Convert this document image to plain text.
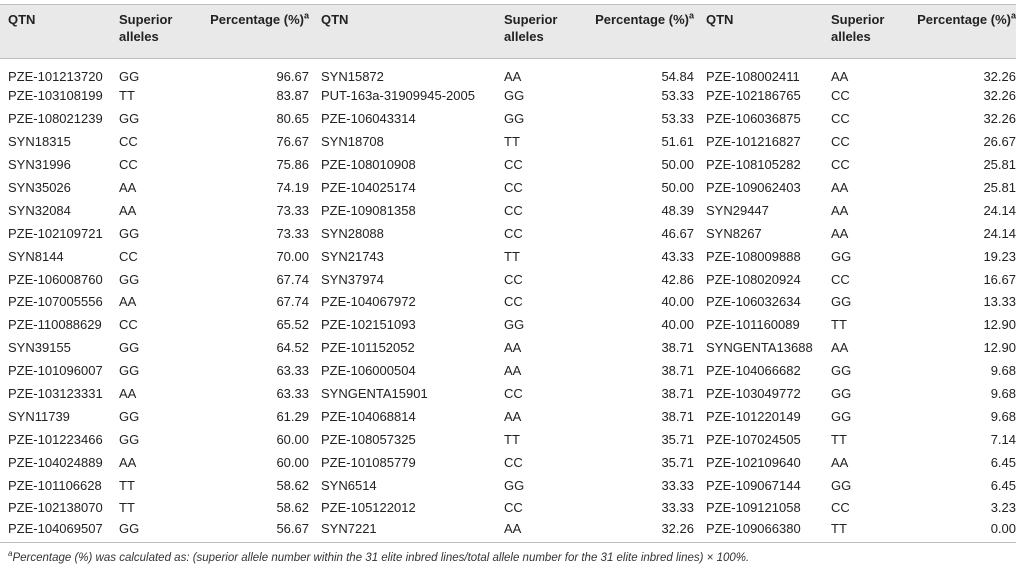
QTN	Superior
alleles	Percentage (%)$^a$		QTN	Superior
alleles	Percentage (%)$^a$		QTN	Superior
alleles	Percentage (%)$^a$
PZE-101213720	GG	96.67		SYN15872	AA	54.84		PZE-108002411	AA	32.26
PZE-103108199	TT	83.87		PUT-163a-31909945-2005	GG	53.33		PZE-102186765	CC	32.26
PZE-108021239	GG	80.65		PZE-106043314	GG	53.33		PZE-106036875	CC	32.26
SYN18315	CC	76.67		SYN18708	TT	51.61		PZE-101216827	CC	26.67
SYN31996	CC	75.86		PZE-108010908	CC	50.00		PZE-108105282	CC	25.81
SYN35026	AA	74.19		PZE-104025174	CC	50.00		PZE-109062403	AA	25.81
SYN32084	AA	73.33		PZE-109081358	CC	48.39		SYN29447	AA	24.14
PZE-102109721	GG	73.33		SYN28088	CC	46.67		SYN8267	AA	24.14
SYN8144	CC	70.00		SYN21743	TT	43.33		PZE-108009888	GG	19.23
PZE-106008760	GG	67.74		SYN37974	CC	42.86		PZE-108020924	CC	16.67
PZE-107005556	AA	67.74		PZE-104067972	CC	40.00		PZE-106032634	GG	13.33
PZE-110088629	CC	65.52		PZE-102151093	GG	40.00		PZE-101160089	TT	12.90
SYN39155	GG	64.52		PZE-101152052	AA	38.71		SYNGENTA13688	AA	12.90
PZE-101096007	GG	63.33		PZE-106000504	AA	38.71		PZE-104066682	GG	9.68
PZE-103123331	AA	63.33		SYNGENTA15901	CC	38.71		PZE-103049772	GG	9.68
SYN11739	GG	61.29		PZE-104068814	AA	38.71		PZE-101220149	GG	9.68
PZE-101223466	GG	60.00		PZE-108057325	TT	35.71		PZE-107024505	TT	7.14
PZE-104024889	AA	60.00		PZE-101085779	CC	35.71		PZE-102109640	AA	6.45
PZE-101106628	TT	58.62		SYN6514	GG	33.33		PZE-109067144	GG	6.45
PZE-102138070	TT	58.62		PZE-105122012	CC	33.33		PZE-109121058	CC	3.23
PZE-104069507	GG	56.67		SYN7221	AA	32.26		PZE-109066380	TT	0.00
$^a$Percentage (%) was calculated as: (superior allele number within the 31 elite inbred lines/total allele number for the 31 elite inbred lines) × 100%.
